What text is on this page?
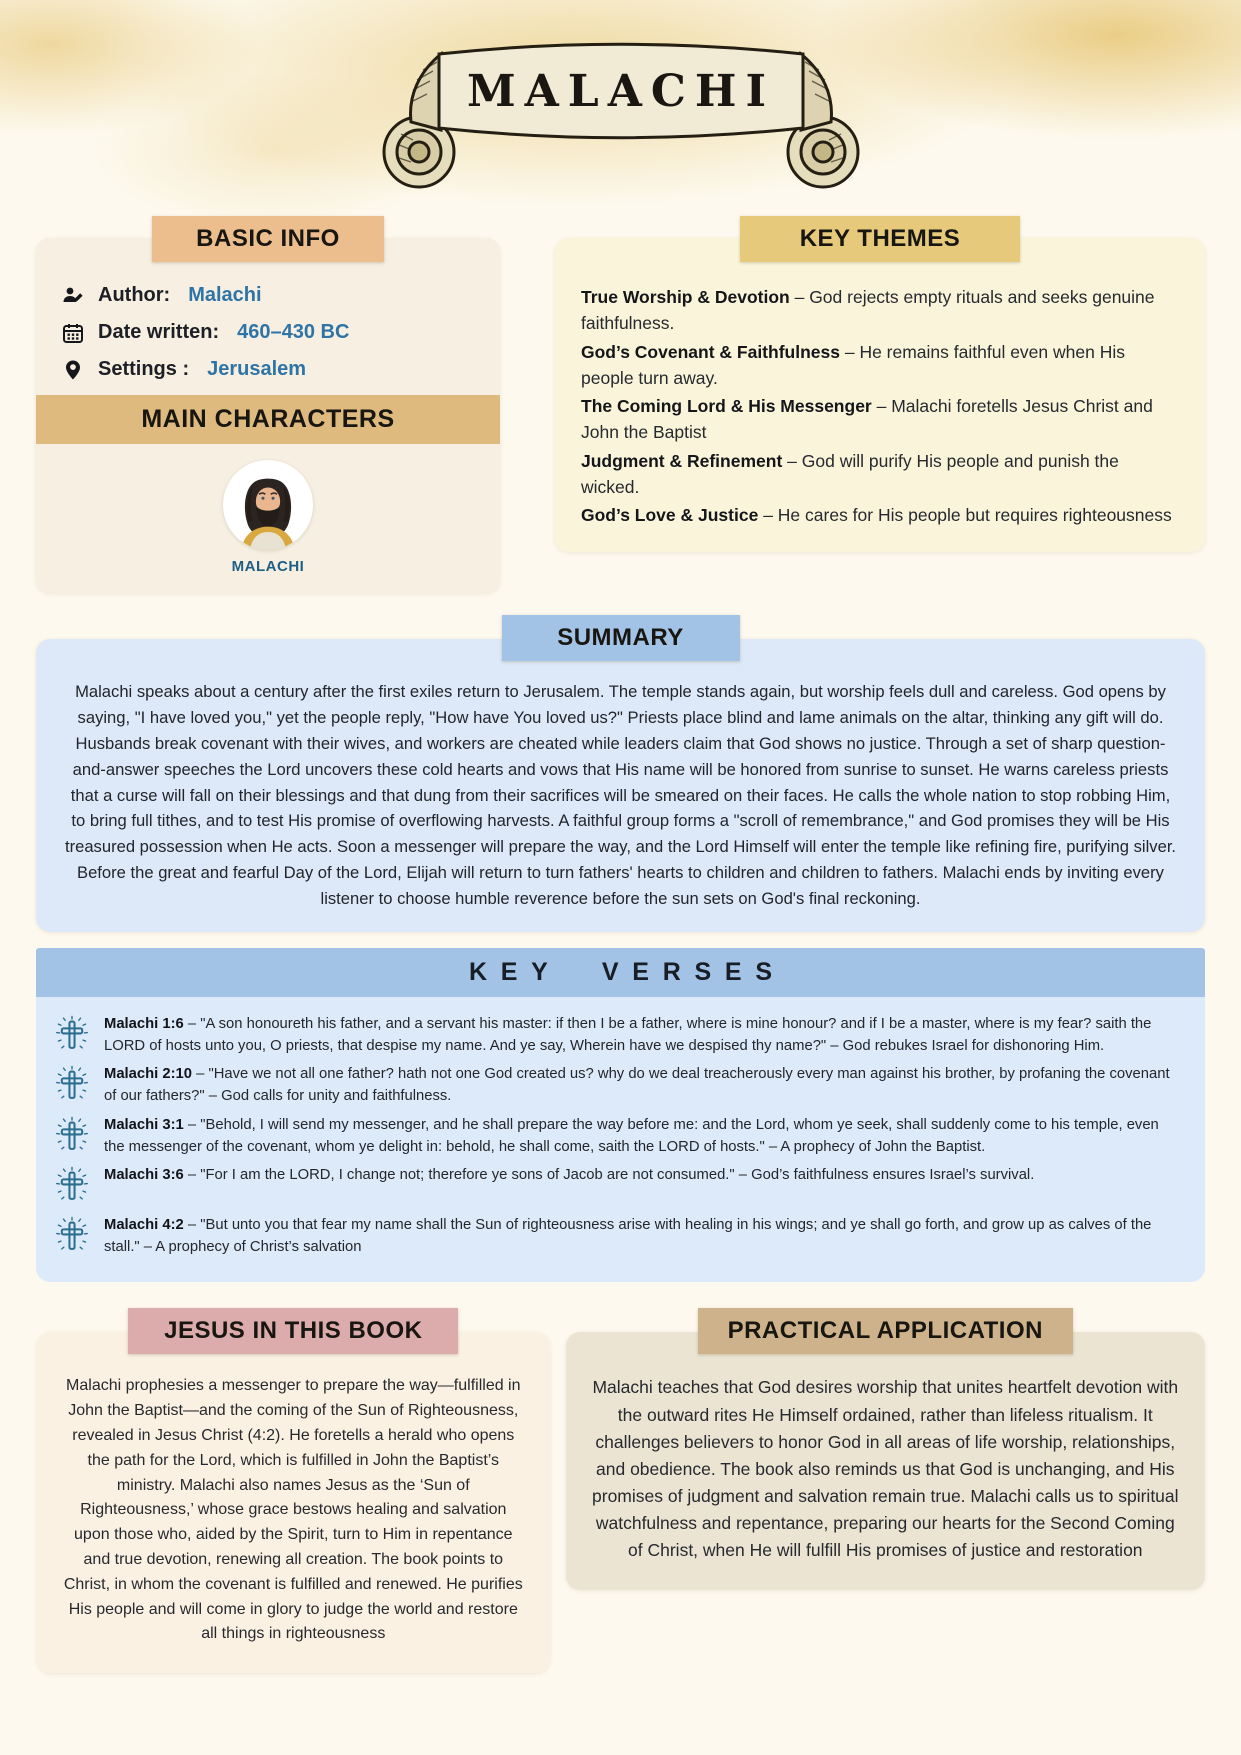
MALACHI
BASIC INFO
Author: Malachi
Date written: 460–430 BC
Settings : Jerusalem
MAIN CHARACTERS
MALACHI
KEY THEMES

True Worship & Devotion – God rejects empty rituals and seeks genuine faithfulness.

God’s Covenant & Faithfulness – He remains faithful even when His people turn away.

The Coming Lord & His Messenger – Malachi foretells Jesus Christ and John the Baptist

Judgment & Refinement – God will purify His people and punish the wicked.

God’s Love & Justice – He cares for His people but requires righteousness

SUMMARY

Malachi speaks about a century after the first exiles return to Jerusalem. The temple stands again, but worship feels dull and careless. God opens by saying, "I have loved you," yet the people reply, "How have You loved us?" Priests place blind and lame animals on the altar, thinking any gift will do. Husbands break covenant with their wives, and workers are cheated while leaders claim that God shows no justice. Through a set of sharp question-and-answer speeches the Lord uncovers these cold hearts and vows that His name will be honored from sunrise to sunset. He warns careless priests that a curse will fall on their blessings and that dung from their sacrifices will be smeared on their faces. He calls the whole nation to stop robbing Him, to bring full tithes, and to test His promise of overflowing harvests. A faithful group forms a "scroll of remembrance," and God promises they will be His treasured possession when He acts. Soon a messenger will prepare the way, and the Lord Himself will enter the temple like refining fire, purifying silver. Before the great and fearful Day of the Lord, Elijah will return to turn fathers' hearts to children and children to fathers. Malachi ends by inviting every listener to choose humble reverence before the sun sets on God's final reckoning.

KEY VERSES

Malachi 1:6 – "A son honoureth his father, and a servant his master: if then I be a father, where is mine honour? and if I be a master, where is my fear? saith the LORD of hosts unto you, O priests, that despise my name. And ye say, Wherein have we despised thy name?" – God rebukes Israel for dishonoring Him.

Malachi 2:10 – "Have we not all one father? hath not one God created us? why do we deal treacherously every man against his brother, by profaning the covenant of our fathers?" – God calls for unity and faithfulness.

Malachi 3:1 – "Behold, I will send my messenger, and he shall prepare the way before me: and the Lord, whom ye seek, shall suddenly come to his temple, even the messenger of the covenant, whom ye delight in: behold, he shall come, saith the LORD of hosts." – A prophecy of John the Baptist.

Malachi 3:6 – "For I am the LORD, I change not; therefore ye sons of Jacob are not consumed." – God’s faithfulness ensures Israel’s survival.

Malachi 4:2 – "But unto you that fear my name shall the Sun of righteousness arise with healing in his wings; and ye shall go forth, and grow up as calves of the stall." – A prophecy of Christ’s salvation

JESUS IN THIS BOOK

Malachi prophesies a messenger to prepare the way—fulfilled in John the Baptist—and the coming of the Sun of Righteousness, revealed in Jesus Christ (4:2). He foretells a herald who opens the path for the Lord, which is fulfilled in John the Baptist’s ministry. Malachi also names Jesus as the ‘Sun of Righteousness,’ whose grace bestows healing and salvation upon those who, aided by the Spirit, turn to Him in repentance and true devotion, renewing all creation. The book points to Christ, in whom the covenant is fulfilled and renewed. He purifies His people and will come in glory to judge the world and restore all things in righteousness

PRACTICAL APPLICATION

Malachi teaches that God desires worship that unites heartfelt devotion with the outward rites He Himself ordained, rather than lifeless ritualism. It challenges believers to honor God in all areas of life worship, relationships, and obedience. The book also reminds us that God is unchanging, and His promises of judgment and salvation remain true. Malachi calls us to spiritual watchfulness and repentance, preparing our hearts for the Second Coming of Christ, when He will fulfill His promises of justice and restoration
